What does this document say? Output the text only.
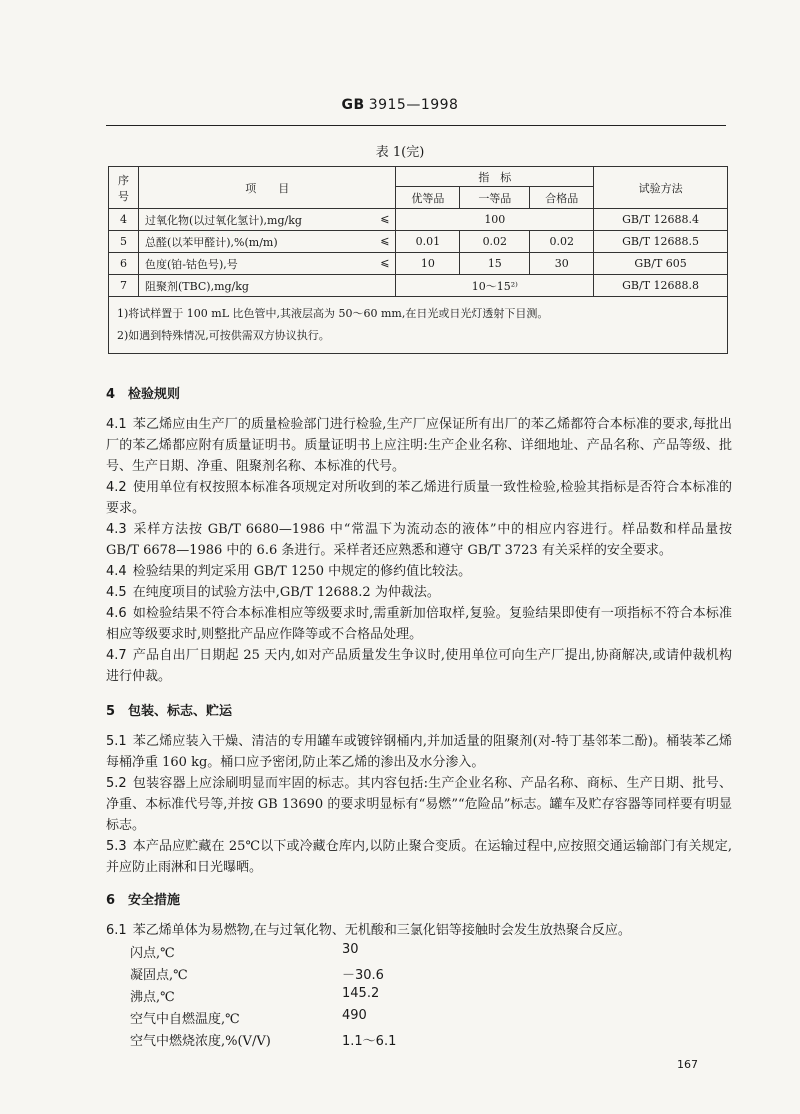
GB 3915—1998
表 1(完)
序号	项　　目	指　标			试验方法
		优等品	一等品	合格品	
4	过氧化物(以过氧化氢计),mg/kg ⩽	100			GB/T 12688.4
5	总醛(以苯甲醛计),%(m/m) ⩽	0.01	0.02	0.02	GB/T 12688.5
6	色度(铂-钴色号),号 ⩽	10	15	30	GB/T 605
7	阻聚剂(TBC),mg/kg	10～15²⁾			GB/T 12688.8

1)将试样置于 100 mL 比色管中,其液层高为 50～60 mm,在日光或日光灯透射下目测。
2)如遇到特殊情况,可按供需双方协议执行。					
4　检验规则
4.1 苯乙烯应由生产厂的质量检验部门进行检验,生产厂应保证所有出厂的苯乙烯都符合本标准的要求,每批出厂的苯乙烯都应附有质量证明书。质量证明书上应注明:生产企业名称、详细地址、产品名称、产品等级、批号、生产日期、净重、阻聚剂名称、本标准的代号。
4.2 使用单位有权按照本标准各项规定对所收到的苯乙烯进行质量一致性检验,检验其指标是否符合本标准的要求。
4.3 采样方法按 GB/T 6680—1986 中“常温下为流动态的液体”中的相应内容进行。样品数和样品量按 GB/T 6678—1986 中的 6.6 条进行。采样者还应熟悉和遵守 GB/T 3723 有关采样的安全要求。
4.4 检验结果的判定采用 GB/T 1250 中规定的修约值比较法。
4.5 在纯度项目的试验方法中,GB/T 12688.2 为仲裁法。
4.6 如检验结果不符合本标准相应等级要求时,需重新加倍取样,复验。复验结果即使有一项指标不符合本标准相应等级要求时,则整批产品应作降等或不合格品处理。
4.7 产品自出厂日期起 25 天内,如对产品质量发生争议时,使用单位可向生产厂提出,协商解决,或请仲裁机构进行仲裁。
5　包装、标志、贮运
5.1 苯乙烯应装入干燥、清洁的专用罐车或镀锌钢桶内,并加适量的阻聚剂(对-特丁基邻苯二酚)。桶装苯乙烯每桶净重 160 kg。桶口应予密闭,防止苯乙烯的渗出及水分渗入。
5.2 包装容器上应涂刷明显而牢固的标志。其内容包括:生产企业名称、产品名称、商标、生产日期、批号、净重、本标准代号等,并按 GB 13690 的要求明显标有“易燃”“危险品”标志。罐车及贮存容器等同样要有明显标志。
5.3 本产品应贮藏在 25℃以下或冷藏仓库内,以防止聚合变质。在运输过程中,应按照交通运输部门有关规定,并应防止雨淋和日光曝晒。
6　安全措施
6.1 苯乙烯单体为易燃物,在与过氧化物、无机酸和三氯化铝等接触时会发生放热聚合反应。
闪点,℃	30
凝固点,℃	－30.6
沸点,℃	145.2
空气中自燃温度,℃	490
空气中燃烧浓度,%(V/V)	1.1～6.1
167
